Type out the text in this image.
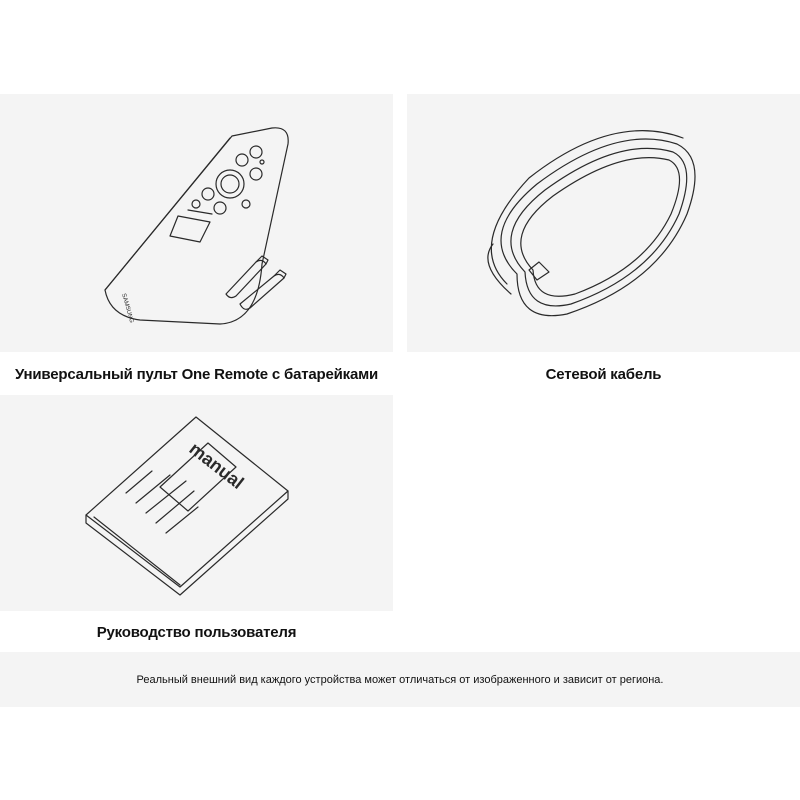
SAMSUNG
Универсальный пульт One Remote с батарейками	Сетевой кабель
manual
Руководство пользователя
Реальный внешний вид каждого устройства может отличаться от изображенного и зависит от региона.
